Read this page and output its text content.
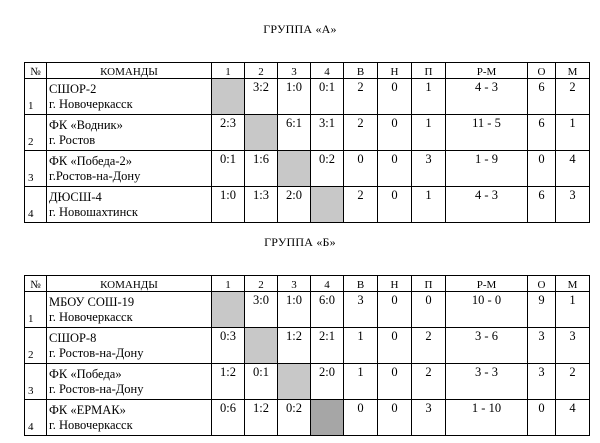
ГРУППА «А»
№	КОМАНДЫ	1	2	3	4	В	Н	П	Р-М	О	М
1	СШОР-2
г. Новочеркасск		3:2	1:0	0:1	2	0	1	4 - 3	6	2
2	ФК «Водник»
г. Ростов	2:3		6:1	3:1	2	0	1	11 - 5	6	1
3	ФК «Победа-2»
г.Ростов-на-Дону	0:1	1:6		0:2	0	0	3	1 - 9	0	4
4	ДЮСШ-4
г. Новошахтинск	1:0	1:3	2:0		2	0	1	4 - 3	6	3
ГРУППА «Б»
№	КОМАНДЫ	1	2	3	4	В	Н	П	Р-М	О	М
1	МБОУ СОШ-19
г. Новочеркасск		3:0	1:0	6:0	3	0	0	10 - 0	9	1
2	СШОР-8
г. Ростов-на-Дону	0:3		1:2	2:1	1	0	2	3 - 6	3	3
3	ФК «Победа»
г. Ростов-на-Дону	1:2	0:1		2:0	1	0	2	3 - 3	3	2
4	ФК «ЕРМАК»
г. Новочеркасск	0:6	1:2	0:2		0	0	3	1 - 10	0	4
